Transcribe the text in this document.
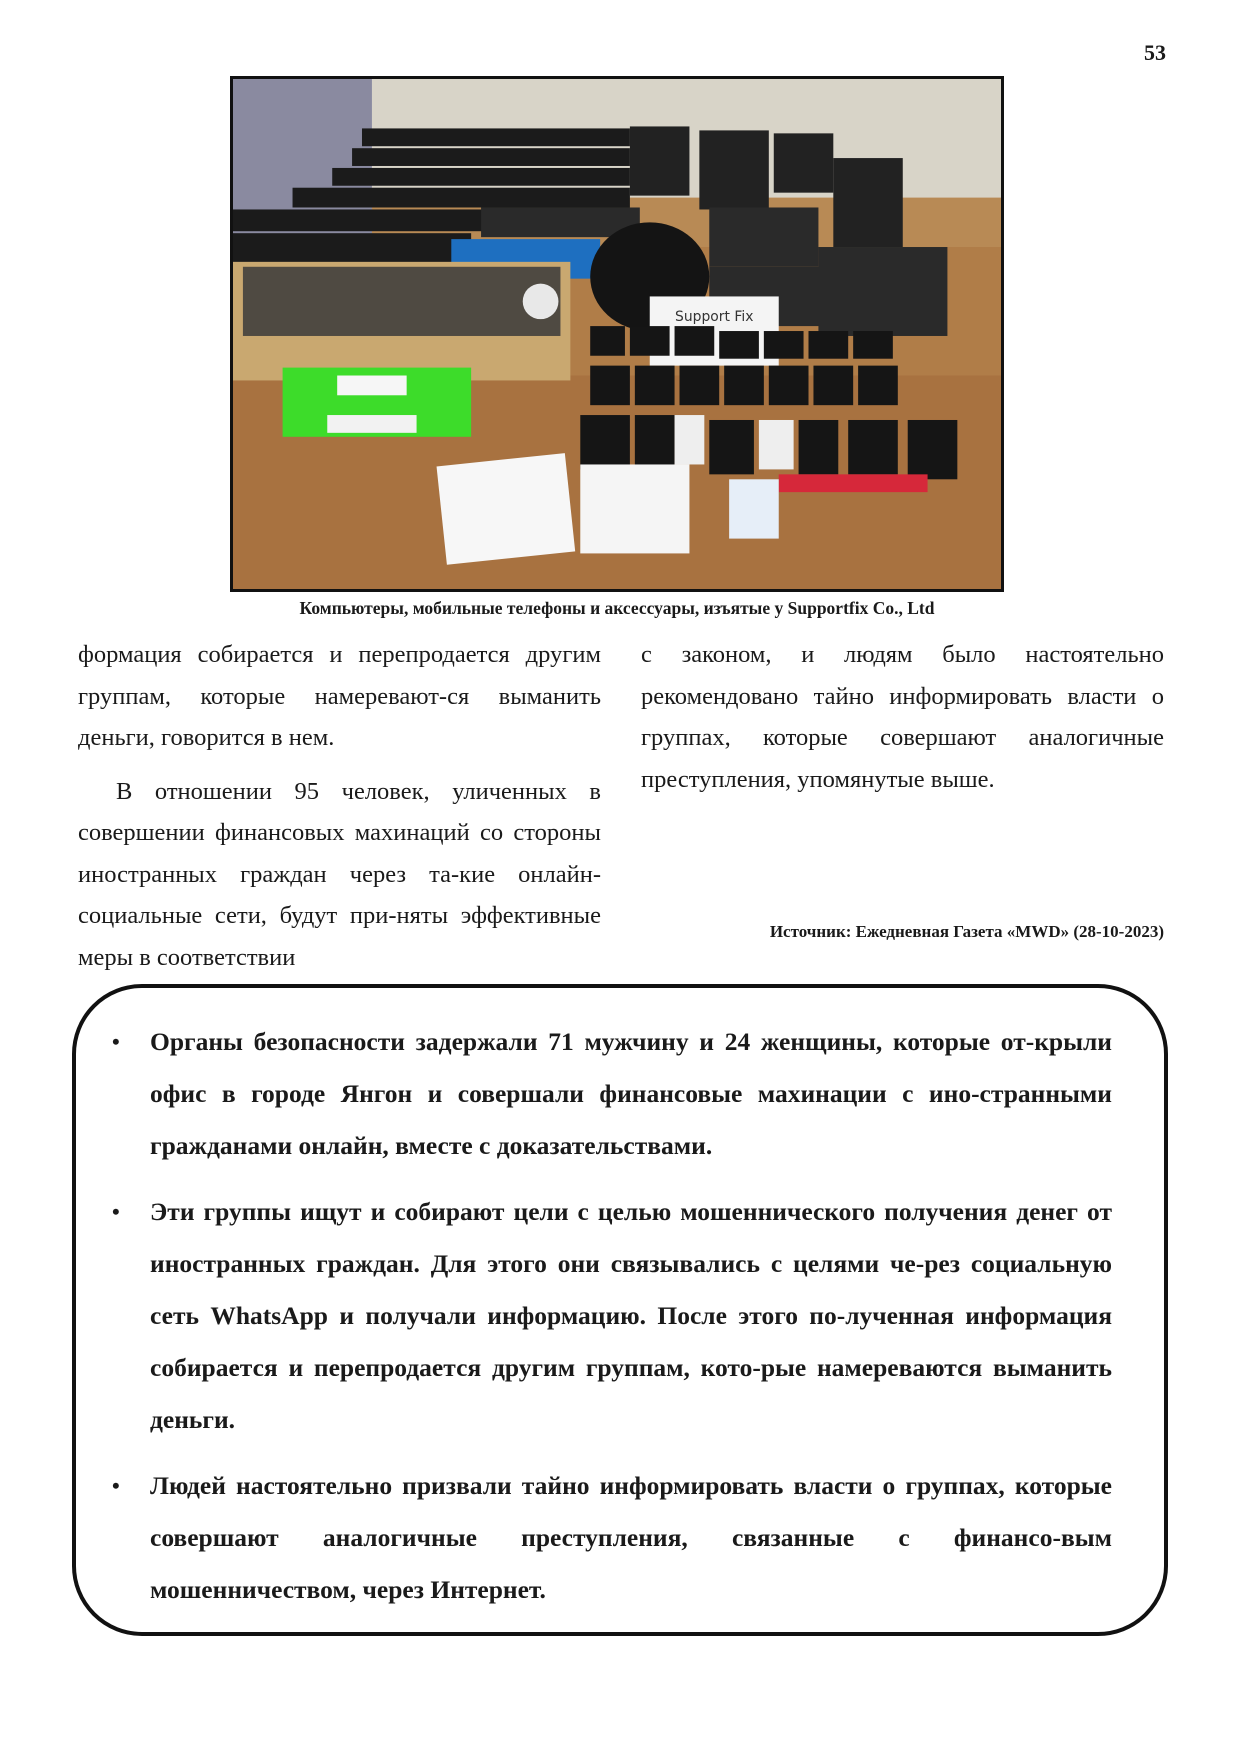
53
Support Fix
Компьютеры, мобильные телефоны и аксессуары, изъятые у Supportfix Co., Ltd

формация собирается и перепродается другим группам, которые намеревают-ся выманить деньги, говорится в нем.

В отношении 95 человек, уличенных в совершении финансовых махинаций со стороны иностранных граждан через та-кие онлайн-социальные сети, будут при-няты эффективные меры в соответствии

с законом, и людям было настоятельно рекомендовано тайно информировать власти о группах, которые совершают аналогичные преступления, упомянутые выше.

Источник: Ежедневная Газета «MWD» (28-10-2023)
• Органы безопасности задержали 71 мужчину и 24 женщины, которые от-крыли офис в городе Янгон и совершали финансовые махинации с ино-странными гражданами онлайн, вместе с доказательствами.
• Эти группы ищут и собирают цели с целью мошеннического получения денег от иностранных граждан. Для этого они связывались с целями че-рез социальную сеть WhatsApp и получали информацию. После этого по-лученная информация собирается и перепродается другим группам, кото-рые намереваются выманить деньги.
• Людей настоятельно призвали тайно информировать власти о группах, которые совершают аналогичные преступления, связанные с финансо-вым мошенничеством, через Интернет.
